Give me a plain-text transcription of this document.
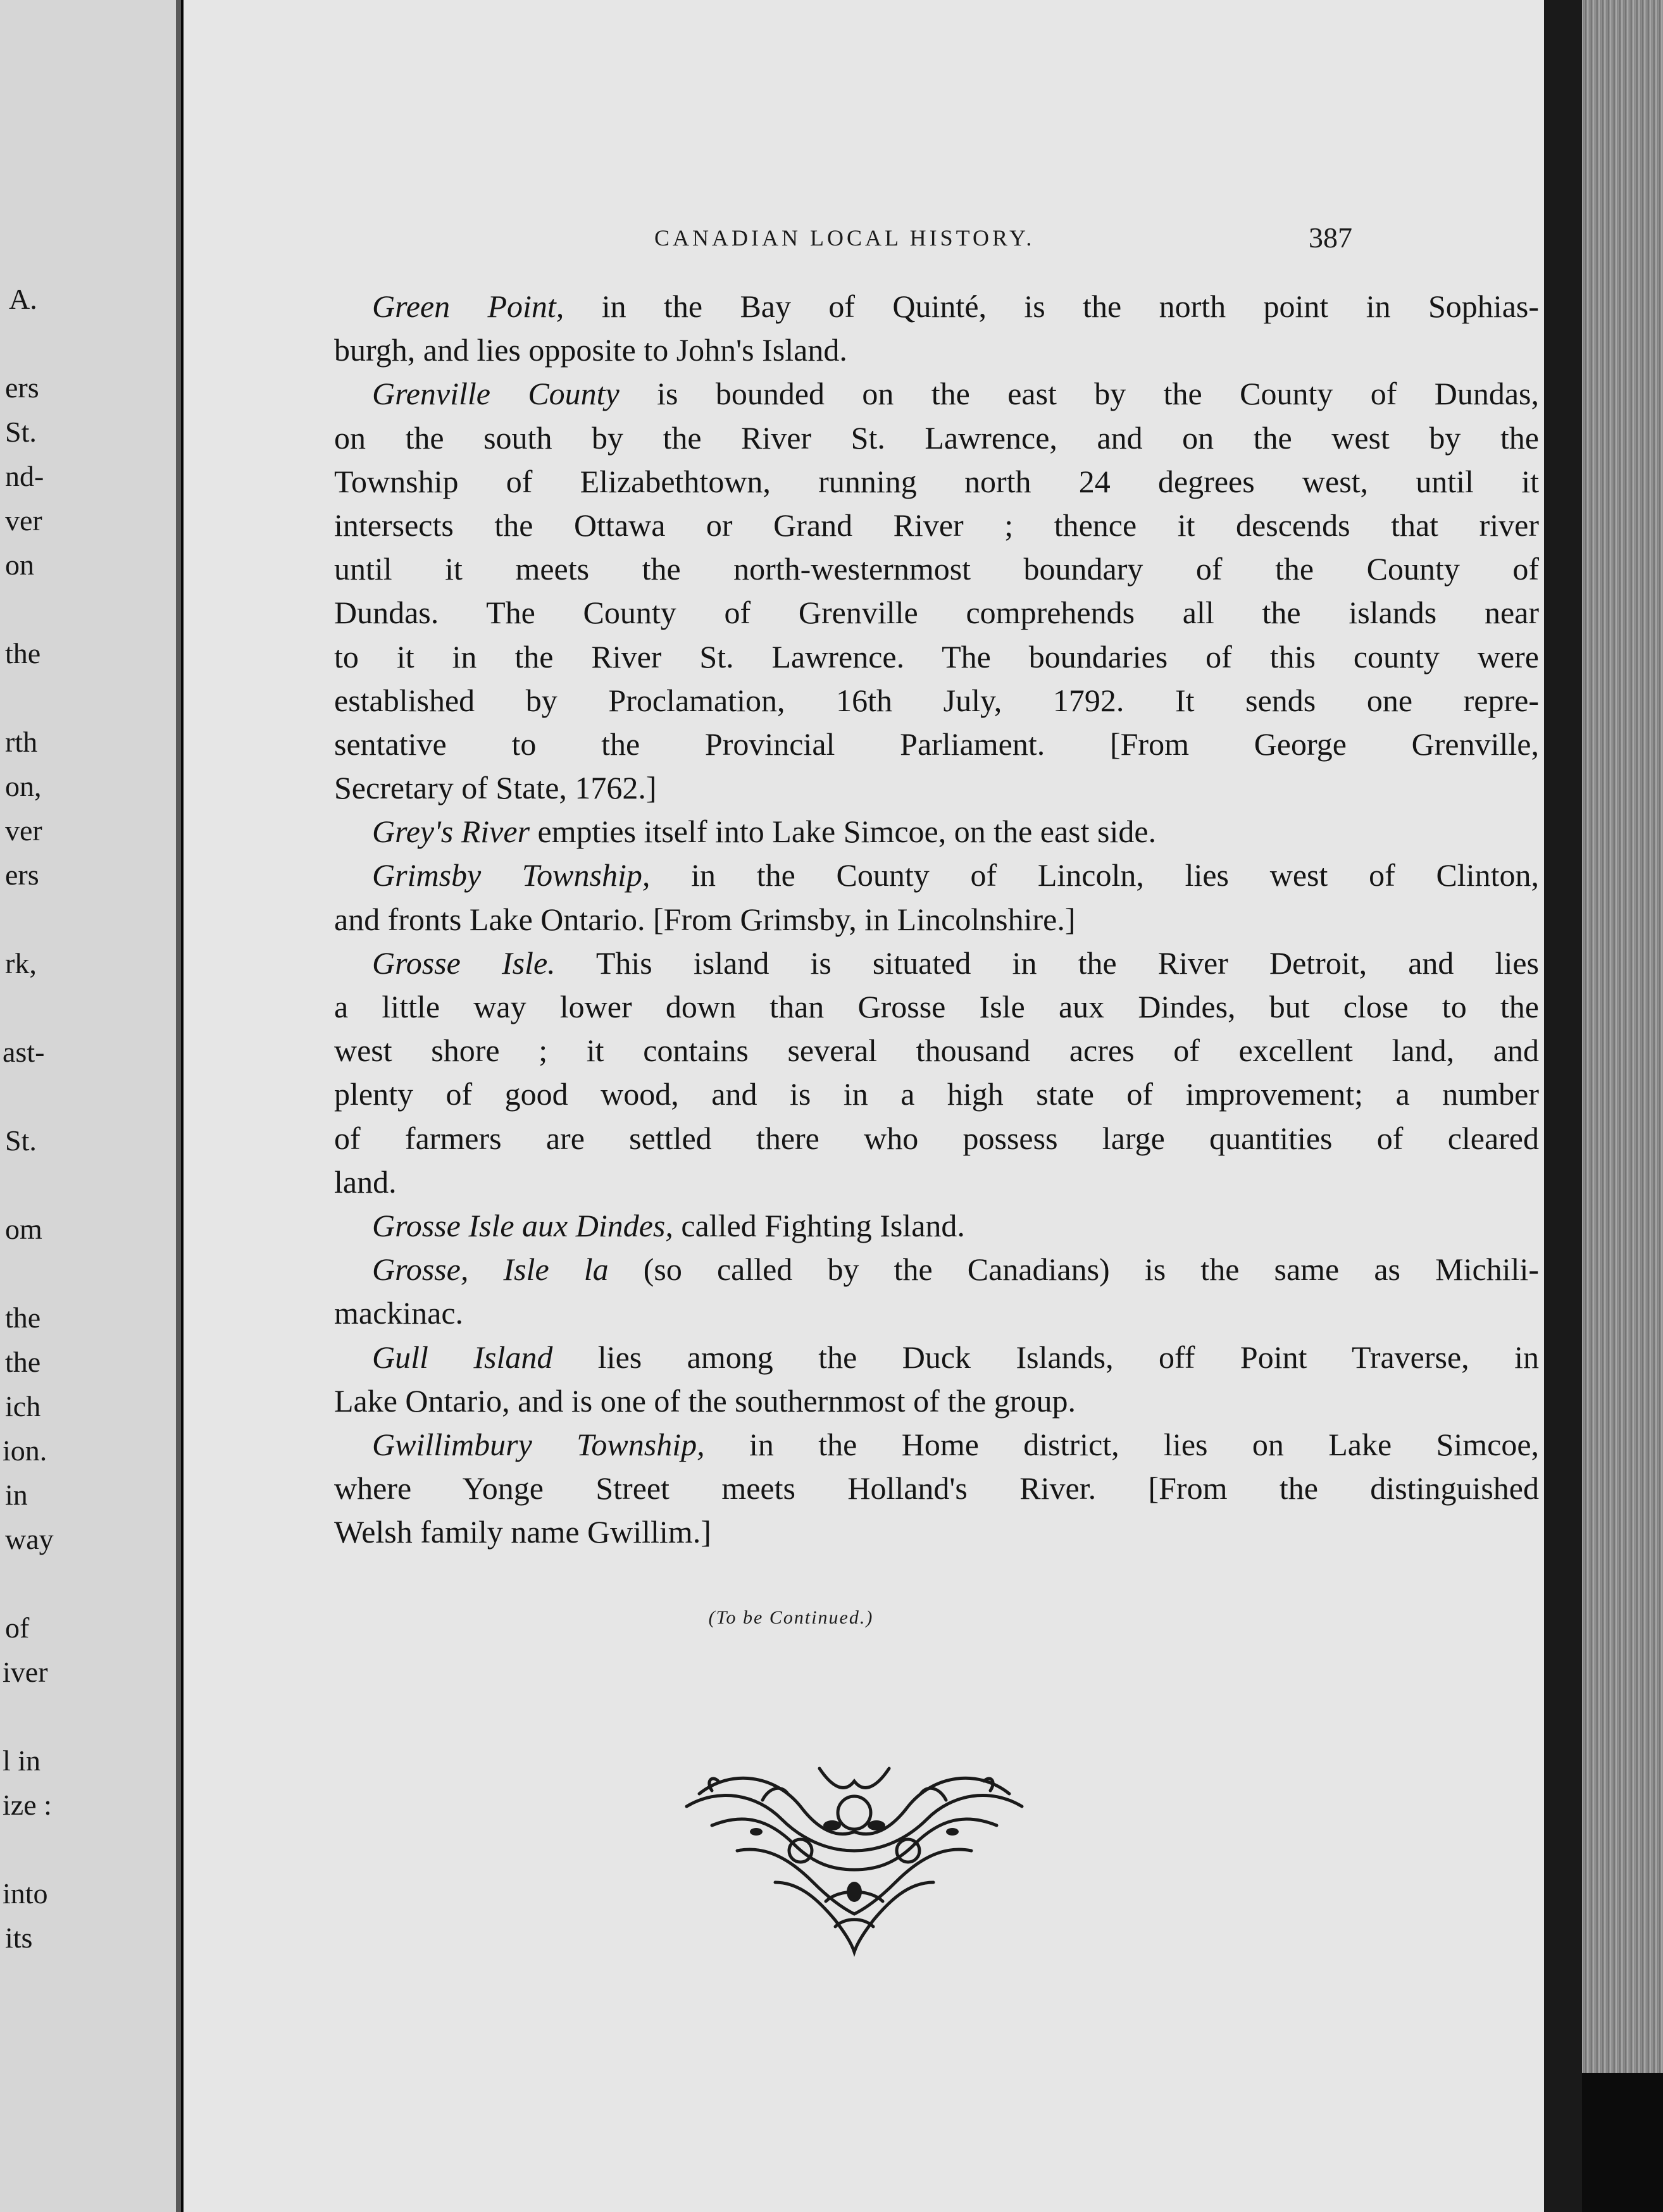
A.
ers
St.
nd-
ver
on
the
rth
on,
ver
ers
rk,
ast-
St.
om
the
the
ich
ion.
in
way
of
iver
l in
ize :
into
its
CANADIAN LOCAL HISTORY.	387
Green Point, in the Bay of Quinté, is the north point in Sophias-
burgh, and lies opposite to John's Island.
Grenville County is bounded on the east by the County of Dundas,
on the south by the River St. Lawrence, and on the west by the
Township of Elizabethtown, running north 24 degrees west, until it
intersects the Ottawa or Grand River ; thence it descends that river
until it meets the north-westernmost boundary of the County of
Dundas. The County of Grenville comprehends all the islands near
to it in the River St. Lawrence. The boundaries of this county were
established by Proclamation, 16th July, 1792. It sends one repre-
sentative to the Provincial Parliament. [From George Grenville,
Secretary of State, 1762.]
Grey's River empties itself into Lake Simcoe, on the east side.
Grimsby Township, in the County of Lincoln, lies west of Clinton,
and fronts Lake Ontario. [From Grimsby, in Lincolnshire.]
Grosse Isle. This island is situated in the River Detroit, and lies
a little way lower down than Grosse Isle aux Dindes, but close to the
west shore ; it contains several thousand acres of excellent land, and
plenty of good wood, and is in a high state of improvement; a number
of farmers are settled there who possess large quantities of cleared
land.
Grosse Isle aux Dindes, called Fighting Island.
Grosse, Isle la (so called by the Canadians) is the same as Michili-
mackinac.
Gull Island lies among the Duck Islands, off Point Traverse, in
Lake Ontario, and is one of the southernmost of the group.
Gwillimbury Township, in the Home district, lies on Lake Simcoe,
where Yonge Street meets Holland's River. [From the distinguished
Welsh family name Gwillim.]
(To be Continued.)
